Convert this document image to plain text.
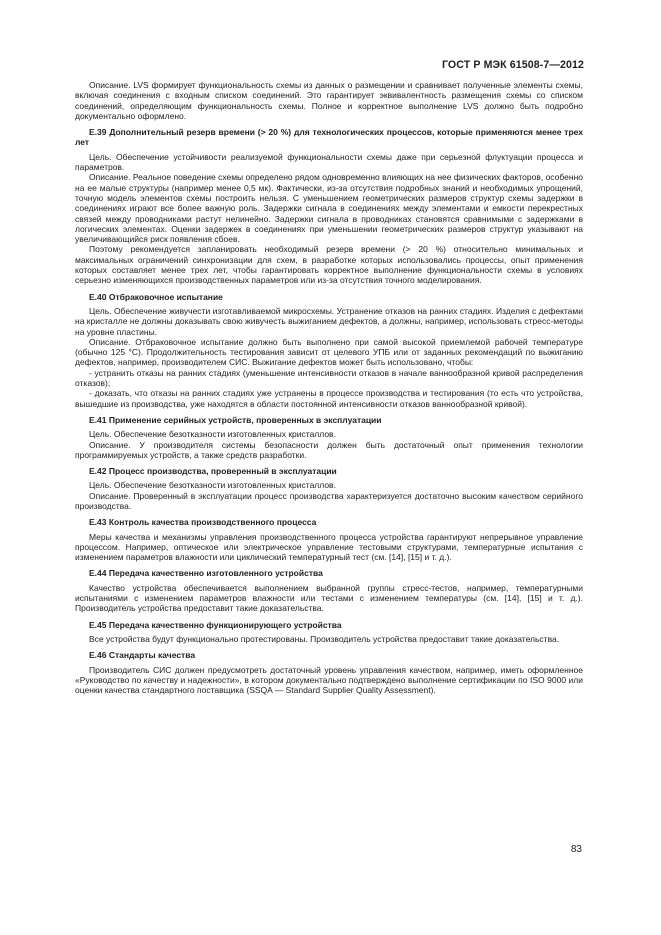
ГОСТ Р МЭК 61508-7—2012

Описание. LVS формирует функциональность схемы из данных о размещении и сравнивает полученные элементы схемы, включая соединения с входным списком соединений. Это гарантирует эквивалентность размещения схемы со списком соединений, определяющим функциональность схемы. Полное и корректное выполнение LVS должно быть подробно документально оформлено.

Е.39 Дополнительный резерв времени (> 20 %) для технологических процессов, которые применяются менее трех лет

Цель. Обеспечение устойчивости реализуемой функциональности схемы даже при серьезной флуктуации процесса и параметров.

Описание. Реальное поведение схемы определено рядом одновременно влияющих на нее физических факторов, особенно на ее малые структуры (например менее 0,5 мк). Фактически, из-за отсутствия подробных знаний и необходимых упрощений, точную модель элементов схемы построить нельзя. С уменьшением геометрических размеров структур схемы задержки в соединениях играют все более важную роль. Задержки сигнала в соединениях между элементами и емкости перекрестных связей между проводниками растут нелинейно. Задержки сигнала в проводниках становятся сравнимыми с задержками в логических элементах. Оценки задержек в соединениях при уменьшении геометрических размеров структур указывают на увеличивающийся риск появления сбоев.

Поэтому рекомендуется запланировать необходимый резерв времени (> 20 %) относительно минимальных и максимальных ограничений синхронизации для схем, в разработке которых использовались процессы, опыт применения которых составляет менее трех лет, чтобы гарантировать корректное выполнение функциональности схемы в условиях серьезно изменяющихся производственных параметров или из-за отсутствия точного моделирования.

Е.40 Отбраковочное испытание

Цель. Обеспечение живучести изготавливаемой микросхемы. Устранение отказов на ранних стадиях. Изделия с дефектами на кристалле не должны доказывать свою живучесть выжиганием дефектов, а должны, например, использовать стресс-методы на уровне пластины.

Описание. Отбраковочное испытание должно быть выполнено при самой высокой приемлемой рабочей температуре (обычно 125 °С). Продолжительность тестирования зависит от целевого УПБ или от заданных рекомендаций по выжиганию дефектов, например, производителем СИС. Выжигание дефектов может быть использовано, чтобы:

- устранить отказы на ранних стадиях (уменьшение интенсивности отказов в начале ваннообразной кривой распределения отказов);

- доказать, что отказы на ранних стадиях уже устранены в процессе производства и тестирования (то есть что устройства, вышедшие из производства, уже находятся в области постоянной интенсивности отказов ваннообразной кривой).

Е.41 Применение серийных устройств, проверенных в эксплуатации

Цель. Обеспечение безотказности изготовленных кристаллов.

Описание. У производителя системы безопасности должен быть достаточный опыт применения технологии программируемых устройств, а также средств разработки.

Е.42 Процесс производства, проверенный в эксплуатации

Цель. Обеспечение безотказности изготовленных кристаллов.

Описание. Проверенный в эксплуатации процесс производства характеризуется достаточно высоким качеством серийного производства.

Е.43 Контроль качества производственного процесса

Меры качества и механизмы управления производственного процесса устройства гарантируют непрерывное управление процессом. Например, оптическое или электрическое управление тестовыми структурами, температурные испытания с изменением параметров влажности или циклический температурный тест (см. [14], [15] и т. д.).

Е.44 Передача качественно изготовленного устройства

Качество устройства обеспечивается выполнением выбранной группы стресс-тестов, например, температурными испытаниями с изменением параметров влажности или тестами с изменением температуры (см. [14], [15] и т. д.). Производитель устройства предоставит такие доказательства.

Е.45 Передача качественно функционирующего устройства

Все устройства будут функционально протестированы. Производитель устройства предоставит такие доказательства.

Е.46 Стандарты качества

Производитель СИС должен предусмотреть достаточный уровень управления качеством, например, иметь оформленное «Руководство по качеству и надежности», в котором документально подтверждено выполнение сертификации по ISO 9000 или оценки качества стандартного поставщика (SSQA — Standard Supplier Quality Assessment).

83
